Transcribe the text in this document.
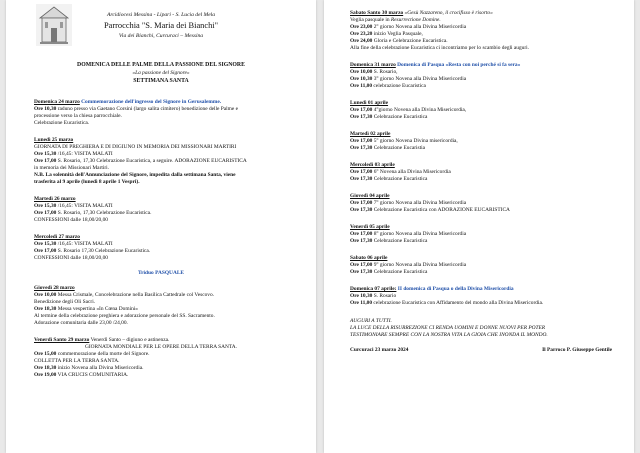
Arcidiocesi Messina - Lipari - S. Lucia del Mela
Parrocchia "S. Maria dei Bianchi"
Via dei Bianchi, Curcuraci – Messina
DOMENICA DELLE PALME DELLA PASSIONE DEL SIGNORE
«La passione del Signore»
SETTIMANA SANTA
Domenica 24 marzo Commemorazione dell'ingresso del Signore in Gerusalemme.
Ore 10,30 raduno presso via Gaetano Corsini (largo salita cimitero) benedizione delle Palme e
processione verso la chiesa parrocchiale.
Celebrazione Eucaristica.
Lunedì 25 marzo
GIORNATA DI PREGHIERA E DI DIGIUNO IN MEMORIA DEI MISSIONARI MARTIRI
Ore 15,30 /16,45: VISITA MALATI
Ore 17,00 S. Rosario, 17,30 Celebrazione Eucaristica, a seguire. ADORAZIONE EUCARISTICA
in memoria dei Missionari Martiri.
N.B. La solennità dell'Annunciazione del Signore, impedita dalla settimana Santa, viene
trasferita al 9 aprile (lunedì 8 aprile 1 Vespri).
Martedì 26 marzo
Ore 15,30 /16,45: VISITA MALATI
Ore 17,00 S. Rosario, 17,30 Celebrazione Eucaristica.
CONFESSIONI dalle 18,00/20,00
Mercoledì 27 marzo
Ore 15,30 /16,45: VISITA MALATI
Ore 17,00 S. Rosario 17,30 Celebrazione Eucaristica.
CONFESSIONI dalle 18,00/20,00
Triduo PASQUALE
Giovedì 28 marzo
Ore 10,00 Messa Crismale, Concelebrazione nella Basilica Cattedrale col Vescovo.
Benedizione degli Oli Sacri.
Ore 18,30 Messa vespertina «In Cœna Domini»
Al termine della celebrazione preghiera e adorazione personale del SS. Sacramento.
Adorazione comunitaria dalle 23,00 /24,00.
Venerdì Santo 29 marzo Venerdì Santo – digiuno e astinenza.
GIORNATA MONDIALE PER LE OPERE DELLA TERRA SANTA.
Ore 15,00 commemorazione della morte del Signore.
COLLETTA PER LA TERRA SANTA.
Ore 18,30 inizio Novena alla Divina Misericordia.
Ore 19,00 VIA CRUCIS COMUNITARIA.
Sabato Santo 30 marzo «Gesù Nazzareno, il crocifisso è risorto»
Veglia pasquale in Resurrectione Domine.
Ore 23,00 2° giorno Novena alla Divina Misericordia
Ore 23,20 inizio Veglia Pasquale,
Ore 24,00 Gloria e Celebrazione Eucaristica.
Alla fine della celebrazione Eucaristica ci incontriamo per lo scambio degli auguri.
Domenica 31 marzo Domenica di Pasqua «Resta con noi perché si fa sera»
Ore 10,00 S. Rosario,
Ore 10,30 3° giorno Novena alla Divina Misericordia
Ore 11,00 celebrazione Eucaristica
Lunedì 01 aprile
Ore 17,00 4°giorno Novena alla Divina Misericordia,
Ore 17,30 Celebrazione Eucaristica
Martedì 02 aprile
Ore 17,00 5° giorno Novena Divina misericordia,
Ore 17,30 Celebrazione Eucaristia
Mercoledì 03 aprile
Ore 17,00 6° Novena alla Divina Misericordia
Ore 17,30 Celebrazione Eucaristica
Giovedì 04 aprile
Ore 17,00 7° giorno Novena alla Divina Misericordia
Ore 17,30 Celebrazione Eucaristica con ADORAZIONE EUCARISTICA
Venerdì 05 aprile
Ore 17,00 8° giorno Novena alla Divina Misericordia
Ore 17,30 Celebrazione Eucaristica
Sabato 06 aprile
Ore 17,00 9° giorno Novena alla Divina Misericordia
Ore 17,30 Celebrazione Eucaristica
Domenica 07 aprile: II domenica di Pasqua o della Divina Misericordia
Ore 10,30 S. Rosario
Ore 11,00 celebrazione Eucaristica con Affidamento del mondo alla Divina Misericordia.
AUGURI A TUTTI.
LA LUCE DELLA RISURREZIONE CI RENDA UOMINI E DONNE NUOVI PER POTER
TESTIMONIARE SEMPRE CON LA NOSTRA VITA LA GIOIA CHE INONDA IL MONDO.
Curcuraci 23 marzo 2024	Il Parroco P. Giuseppe Gentile
